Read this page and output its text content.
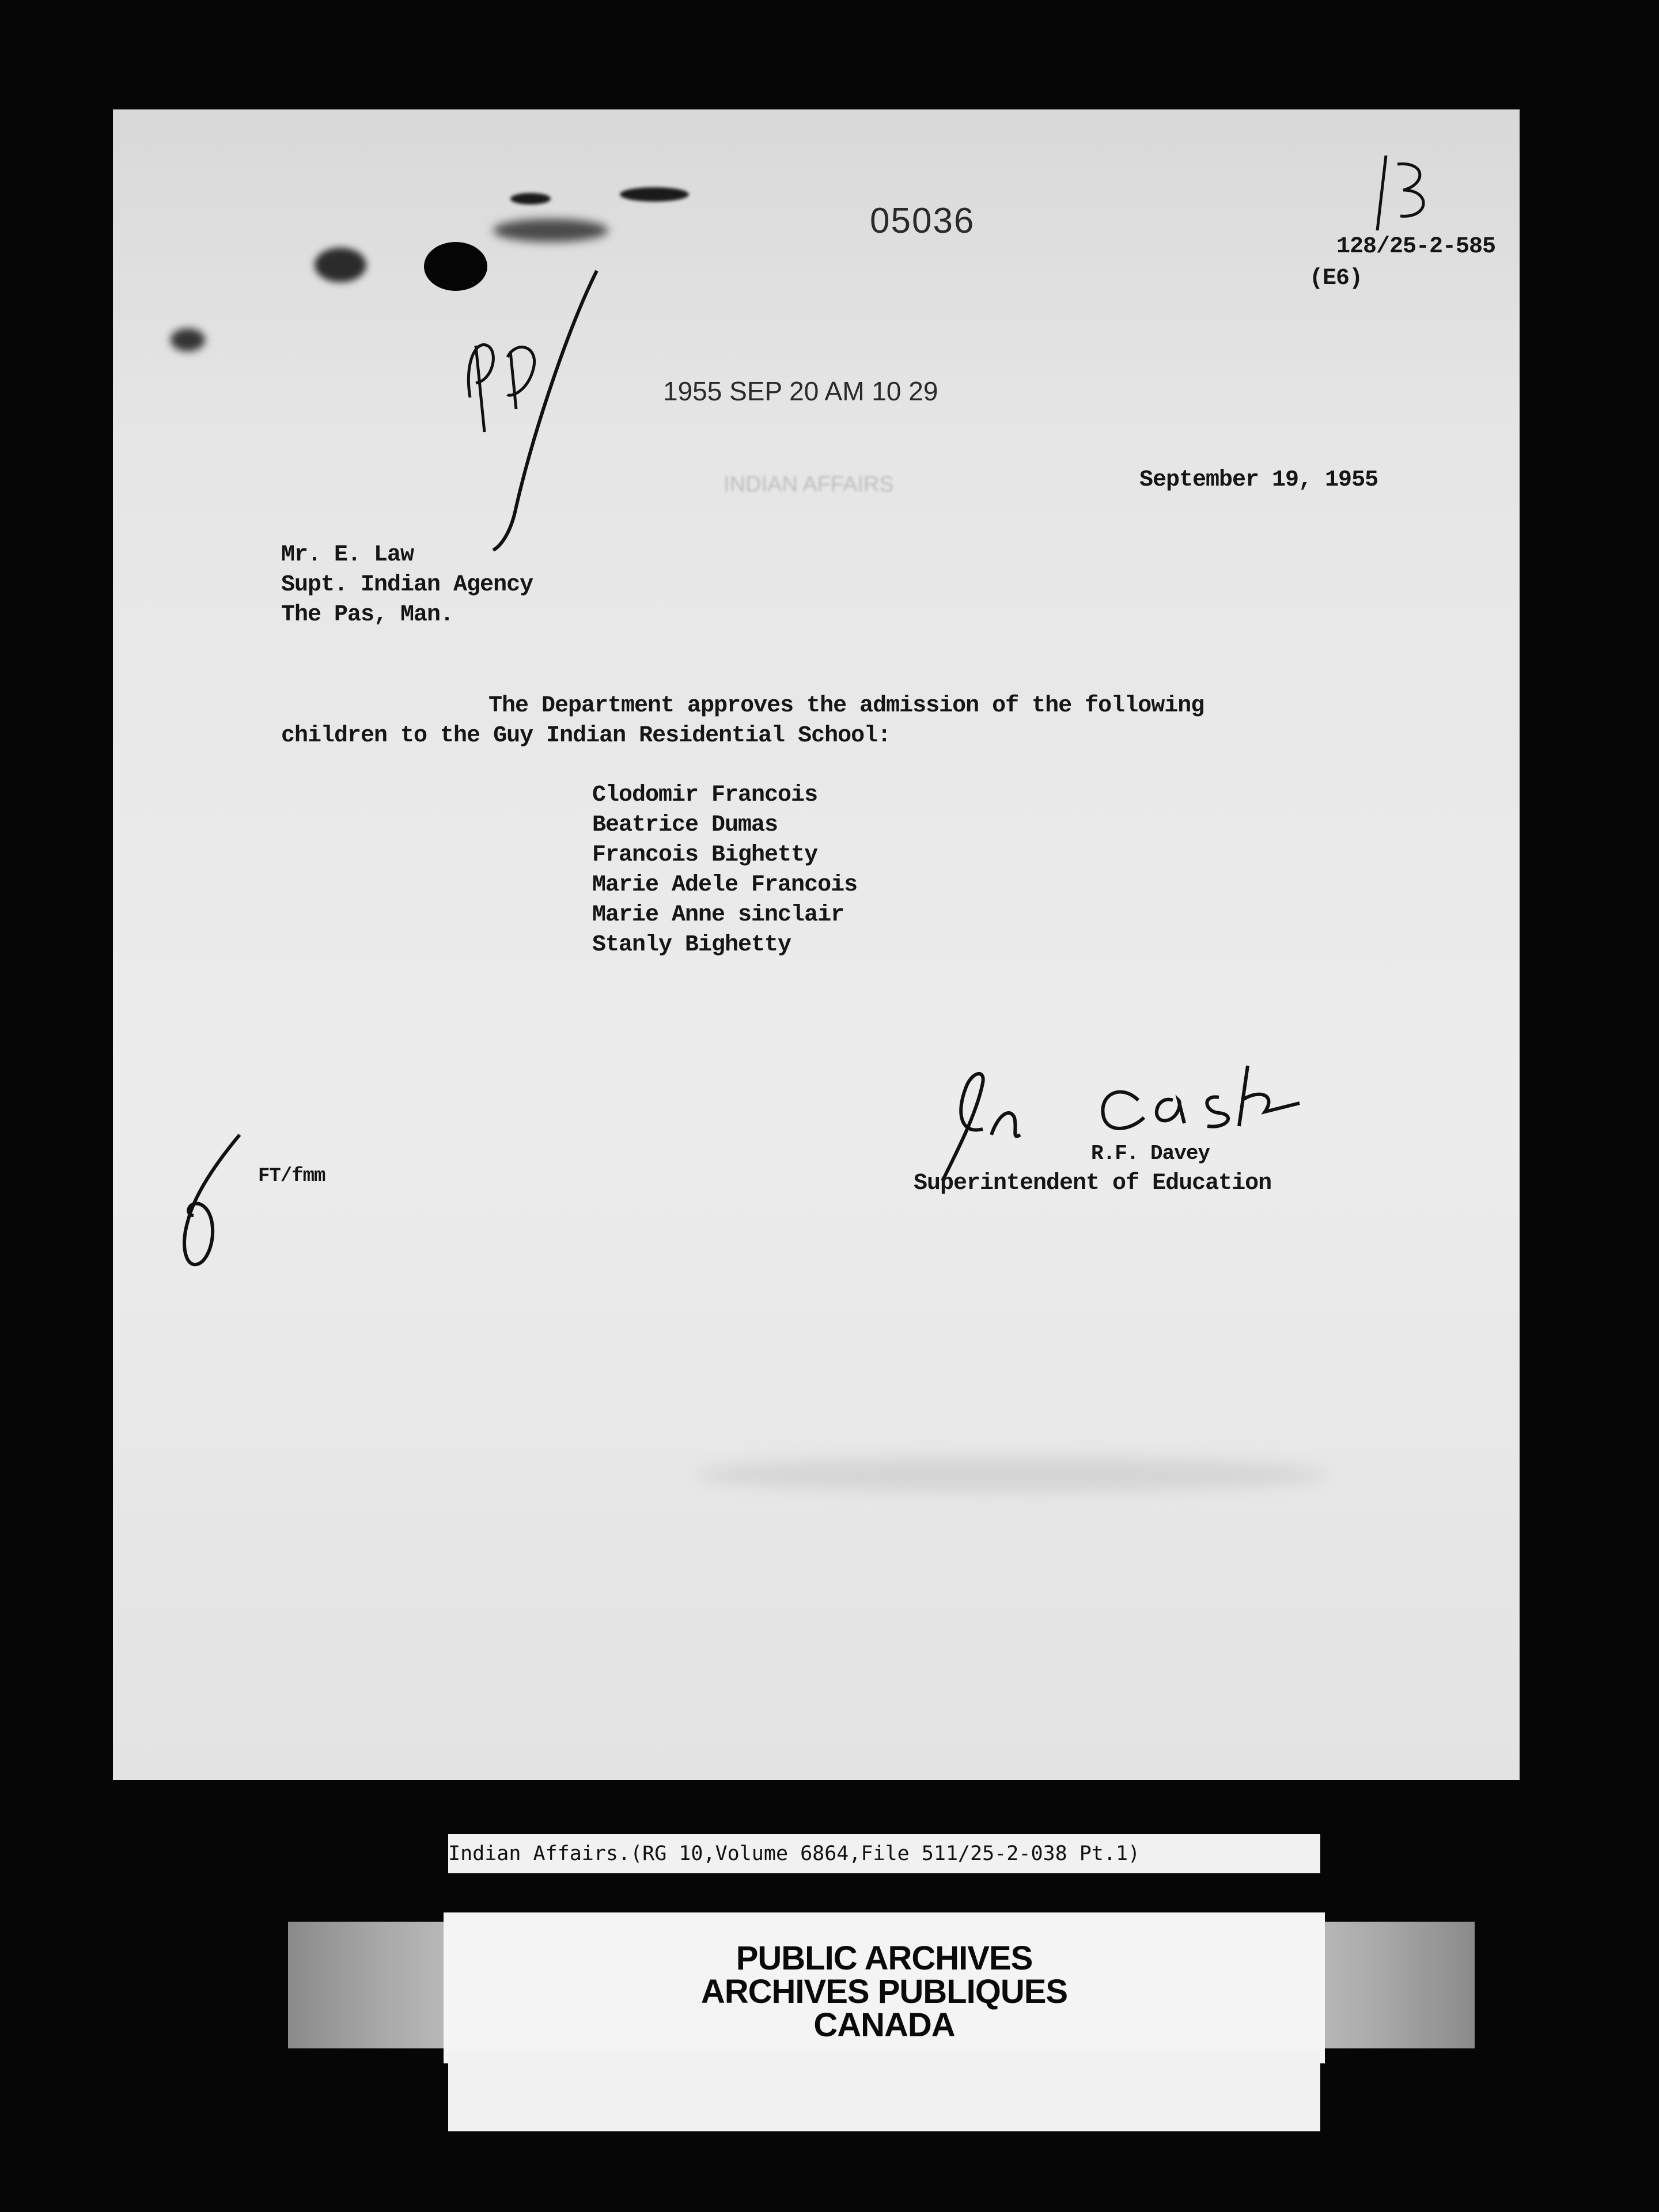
05036
1955 SEP 20 AM 10 29
INDIAN AFFAIRS
128/25-2-585
(E6)
September 19, 1955
Mr. E. Law
Supt. Indian Agency
The Pas, Man.
The Department approves the admission of the following
children to the Guy Indian Residential School:
Clodomir Francois
Beatrice Dumas
Francois Bighetty
Marie Adele Francois
Marie Anne sinclair
Stanly Bighetty
R.F. Davey
Superintendent of Education
FT/fmm
Indian Affairs.(RG 10,Volume 6864,File 511/25-2-038 Pt.1)
PUBLIC ARCHIVES
ARCHIVES PUBLIQUES
CANADA
